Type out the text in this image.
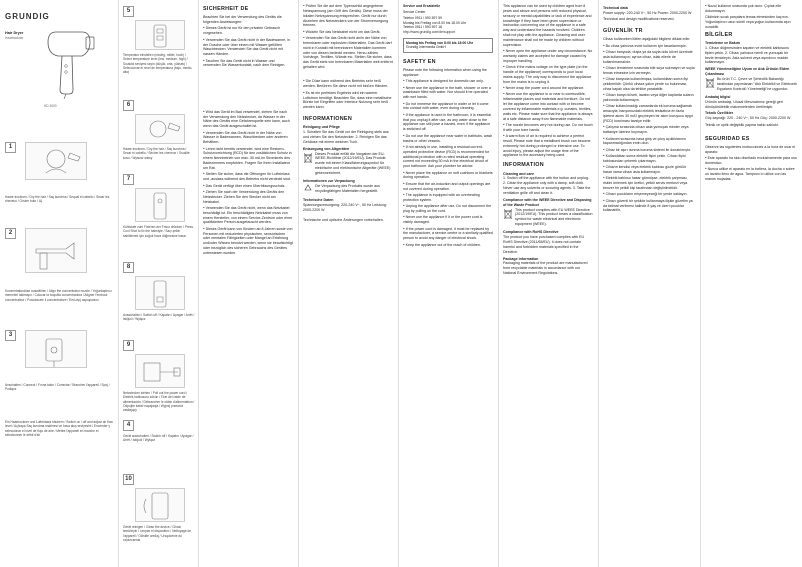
GRUNDIG
Hair Dryer
Haartrockner
HD 3000
1
Haare trocknen / Dry the hair / Saç kurutma / Sequal el cabello / Secar les cheveux / Ovuter buto / Щ
2
Konzentratordüse auswählen / Align the concentrator nozzle / Yoğunlaştırıcı memeleri takmayın / Colocar la boquilla concentradora / Aligner l'embout concentrateur / Posizionare il concentratore / Επιλογή ακροφυσίου
3
Anschalten / Connect / Fırına takın / Conectar / Brancher l'appareil / Spoj / Podłącz
Ein Haartrockner und Lufteinlass säubern / Switch on / off and adjust air flow level / Aç/kapa Saç kurutma makinesi ve hava akış seviyesini / Encender y seleccionar el nivel de flujo de aire / Mettre l'appareil en marche et sélectionner le débit d'air
5
Temperatur einstellen (niedrig, mittel, hoch) / Select temperature level (low, medium, high) / Sıcaklık seviyesi seçin (düşük, orta, yüksek) / Seleccionar el nivel de temperatura (bajo, medio, alto)
6
Haare trocknen / Dry the hair / Saç kurutma / Secar el cabello / Sécher les cheveux / Osušite kosu / Wysusz włosy
7
Kühlstufe zum Fixieren der Frisur drücken / Press Cool Shot to fix the hairstyle / Saçı şekle sabitlemek için soğuk hava düğmesine basın
8
Ausschalten / Switch off / Kapatın / Apagar / Arrêt / Isključi / Wyłącz
9
Netzstecker ziehen / Pull out the power cord / Elektrik kablosunu sökün / Tirar del cable de alimentación / Débrancher le câble d'alimentation / Odpojite kabel napajanja / Wyjmij przewód zasilający
10
Gerät reinigen / Clean the device / Cihazı temizleyin / Limpiar el dispositivo / Nettoyage de l'appareil / Očistite uređaj / Urządzenie do czyszczenia
4
Gerät ausschalten / Switch off / Kapatın / Apagar / Arrêt / Isključi / Wyłącz
SICHERHEIT DE
Beachten Sie bei der Verwendung des Geräts die folgenden Anweisungen:
● Dieses Gerät ist nur für den privaten Gebrauch vorgesehen.
● Verwenden Sie das Gerät nicht in der Badewanne, in der Dusche oder über einem mit Wasser gefüllten Waschbecken. Verwenden Sie das Gerät nicht mit nassen Händen.
● Tauchen Sie das Gerät nicht in Wasser und verwenden Sie Wasserkontakt, nach dem Reinigen.
● Wird das Gerät im Bad verwendet, ziehen Sie nach der Verwendung den Netzstecker, da Wasser in der Nähe des Geräts eine Gefahrenquelle sein kann, auch wenn das Gerät ausgeschaltet ist.
● Verwenden Sie das Gerät nicht in der Nähe von Wasser in Badewannen, Waschbecken oder anderen Behältern.
● Lehnt nicht bereits verwendet, wird eine Restorm-Schutzvorrichtung (RCD) für den zusätzlichen Schutz in einem Nennbetrieb von max. 30 mA im Stromkreis des Badezimmers empfohlen. Fragen Sie Ihren Installateur um Rat.
● Stellen Sie sicher, dass die Öffnungen für Lufteinlass und -auslass während des Betriebs nicht verdeckt sind.
● Das Gerät verfügt über einen Überhitzungsschutz.
● Ziehen Sie nach der Verwendung des Geräts den Netzstecker. Ziehen Sie den Stecker nicht am Netzkabel.
● Verwenden Sie das Gerät nicht, wenn das Netzkabel beschädigt ist. Ein beschädigtes Netzkabel muss von einem Hersteller, von einem Service-Zentrum oder einer qualifizierten Person ausgetauscht werden.
● Dieses Gerät kann von Kindern ab 8 Jahren sowie von Personen mit reduzierten physischen, sensorischen oder mentalen Fähigkeiten oder Mangel an Erfahrung und/oder Wissen benutzt werden, wenn sie beaufsichtigt oder bezüglich des sicheren Gebrauchs des Gerätes unterwiesen wurden.
● Prüfen Sie die auf dem Typenschild angegebene Netzspannung (am Griff des Geräts). Diese muss der lokalen Netzspannung entsprechen. Gerät nur durch Abziehen des Netzsteckers von der Stromversorgung trennen.
● Wickeln Sie das Netzkabel nicht um das Gerät.
● Verwenden Sie das Gerät nicht an/in der Nähe von brennbaren oder explosiven Materialien. Das Gerät darf nicht in Kontakt mit brennbaren Materialien kommen oder von diesen bedeckt werden. Herzu zählen Vorhänge, Textilien, Wände etc. Stellen Sie sicher, dass das Gerät stets von brennbaren Materialien weit entfernt gehalten wird.
● Die Düse kann während des Betriebs sehr heiß werden. Berühren Sie diese nicht mit bloßen Händen.
● Es ist ein perfektes Ergebnis wird ein warmer Luftstrom benötigt. Beachten Sie, dass eine metallische Bürste bei Eingriffen oder Interieur Nutzung sehr heiß werden kann.
INFORMATIONEN
Reinigung und Pflege
1. Schalten Sie das Gerät vor der Reinigung stets aus und ziehen Sie den Netzstecker. 2. Reinigen Sie das Gehäuse mit einem weichen Tuch.
Entsorgung von Altgeräten
Dieses Produkt erfüllt die Vorgaben der EU-WEEE-Richtlinie (2012/19/EU). Das Produkt wurde mit einem Klassifizierungssymbol für elektrische und elektronische Altgeräte (WEEE) gekennzeichnet.
Informationen zur Verpackung
Die Verpackung des Produkts wurde aus recyclingfähigen Materialien hergestellt.
Technische Daten
Spannungsversorgung: 220-240 V~, 50 Hz Leistung: 2000-2200 W
Technische und optische Änderungen vorbehalten.
Service und Ersatzteile
Service Center
Telefon 0911 / 590 597 59
Montag bis Freitag von 8.00 bis 18.00 Uhr
Telefon 0911 / 590 597 18
http://www.grundig.com/de/support
Montag bis Freitag von 8:00 bis 18:00 Uhr
Grundig Intermedia GmbH
SAFETY EN
Please note the following information when using the appliance:
● This appliance is designed for domestic use only.
● Never use the appliance in the bath, shower or over a washbasin filled with water. Nor should it be operated with wet hands.
● Do not immerse the appliance in water or let it come into contact with water, even during cleaning.
● If the appliance is used in the bathroom, it is essential that you unplug it after use, as any water close to the appliance can still pose a hazard, even if the appliance is switched off.
● Do not use the appliance near water in bathtubs, wash basins or other vessels.
● If not already in use, installing a residual current-operated protective device (RCD) is recommended for additional protection with a rated residual operating current not exceeding 30 mA in the electrical circuit of your bathroom. Ask your plumber for advice.
● Never place the appliance on soft cushions or blankets during operation.
● Ensure that the air-induction and output openings are not covered during operation.
● The appliance is equipped with an overheating protection system.
● Unplug the appliance after use. Do not disconnect the plug by pulling on the cord.
● Never use the appliance if it or the power cord is visibly damaged.
● If the power cord is damaged, it must be replaced by the manufacturer, a service centre or a similarly qualified person to avoid any danger of electrical shock.
● Keep the appliance out of the reach of children.
This appliance can be used by children aged from 8 years and above and persons with reduced physical, sensory or mental capabilities or lack of experience and knowledge if they have been given supervision or instruction concerning use of the appliance in a safe way and understand the hazards involved. Children shall not play with the appliance. Cleaning and user maintenance shall not be made by children without supervision.
● Never open the appliance under any circumstance. No warranty claims are accepted for damage caused by improper handling.
● Check if the mains voltage on the type plate (on the handle of the appliance) corresponds to your local mains supply. The only way to disconnect the appliance from the mains is to unplug it.
● Never wrap the power cord around the appliance.
● Never use the appliance in or near to combustible, inflammable places and materials and furniture. Do not let the appliance come into contact with or become covered by inflammable materials e.g. curtains, textiles, walls etc. Please make sure that the appliance is always at a safe distance away from flammable materials.
● The nozzle becomes very hot during use. Do not touch it with your bare hands.
● A warm flow of air is required to achieve a perfect result. Please note that a metallised brush can become extremely hot during prolonged or intensive use. To avoid injury, please adjust the usage time of the appliance to the accessory being used.
INFORMATION
Cleaning and care
1. Switch off the appliance with the button and unplug. 2. Clean the appliance only with a damp, soft cloth. Never use any solvents or scouring agents. 3. Take the ventilation grille off and clean it.
Compliance with the WEEE Directive and Disposing of the Waste Product
This product complies with EU WEEE Directive (2012/19/EU). This product bears a classification symbol for waste electrical and electronic equipment (WEEE).
Compliance with RoHS Directive
The product you have purchased complies with EU RoHS Directive (2011/65/EU). It does not contain harmful and forbidden materials specified in the Directive.
Package information
Packaging materials of the product are manufactured from recyclable materials in accordance with our National Environment Regulations.
Technical data
Power supply: 220-240 V~, 50 Hz Power: 2000-2200 W
Technical and design modifications reserved.
GÜVENLİK TR
Cihazı kullanırken lütfen aşağıdaki bilgilere dikkat edin:
● Bu cihaz yalnızca evde kullanım için tasarlanmıştır.
● Cihazı banyoda, duşta ya da suyla dolu küvet üzerinde asla kullanmayın; ayrıca cihaz, ıslak ellerle de kullanılmamalıdır.
● Cihazı temizleme sırasında bile suya sokmayın ve suyla temas etmesine izin vermeyin.
● Cihaz banyoda kullanılmışsa, kullandıktan sonra fişi çekilmelidir. Çünkü cihaza yakın yerde su bulunması, cihaz kapalı olsa da tehlike yaratabilir.
● Cihazı banyo küveti, lavabo veya diğer kaplarda suların yakınında kullanmayın.
● Cihaz kullanılmadığı zamanlarda ek koruma sağlamak amacıyla, banyonuzdaki elektrik tesisatına en fazla işletme akımı 30 mA'i geçmeyen bir akım koruyucu aygıt (RCD) kurulması tavsiye edilir.
● Çalışma sırasında cihazı asla yumuşak minder veya battaniye üzerine koymayın.
● Kullanım sırasında hava giriş ve çıkış açıklıklarının kapanmadığından emin olun.
● Cihaz bir aşırı ısınma koruma sistemi ile donatılmıştır.
● Kullandıktan sonra elektrik fişini çekin. Cihazı fişini kablosundan çekerek çıkarmayın.
● Cihazın kendisi veya elektrik kablosu gözle görülür hasar varsa cihazı asla kullanmayın.
● Elektrik kablosu hasar görmüşse, elektrik çarpması riskini önlemek için üretici, yetkili servis merkezi veya benzer bir yetkili kişi tarafından değiştirilmelidir.
● Cihazı çocukların erişemeyeceği bir yerde saklayın.
● Cihazı güvenli bir şekilde kullanmaya ilişkin gözetim ya da talimat verilmesi halinde 8 yaş ve üzeri çocuklar kullanabilir.
● Nozul kullanım sırasında çok ısınır. Çıplak elle dokunmayın.
Cildinizin sıcak parçalara temas etmesinden kaçının. Yoğunlaştırıcı uzun süreli veya yoğun kullanımda aşırı ısınabilir.
BİLGİLER
Temizleme ve Bakım
1. Cihazı düğmesinden kapatın ve elektrik kablosunu fişten çekin. 2. Cihazı yalnızca nemli ve yumuşak bir bezle temizleyin. Asla solvent veya aşındırıcı madde kullanmayın.
WEEE Yönetmeliğine Uyum ve Atık Ürünün Elden Çıkarılması
Bu ürün T.C. Çevre ve Şehircilik Bakanlığı tarafından yayımlanan "Atık Elektrikli ve Elektronik Eşyaların Kontrolü Yönetmeliği"ne uygundur.
Ambalaj bilgisi
Ürünün ambalajı, Ulusal Mevzuatımız gereği geri dönüştürülebilir malzemelerden üretilmiştir.
Teknik Özellikler
Güç kaynağı: 220 - 240 V~, 50 Hz Güç: 2000-2200 W
Teknik ve optik değişiklik yapma hakkı saklıdır.
SEGURIDAD ES
Observe las siguientes instrucciones a la hora de usar el aparato:
● Este aparato ha sido diseñado exclusivamente para uso doméstico.
● Nunca utilice el aparato en la bañera, la ducha o sobre un lavabo lleno de agua. Tampoco lo utilice con las manos mojadas.
